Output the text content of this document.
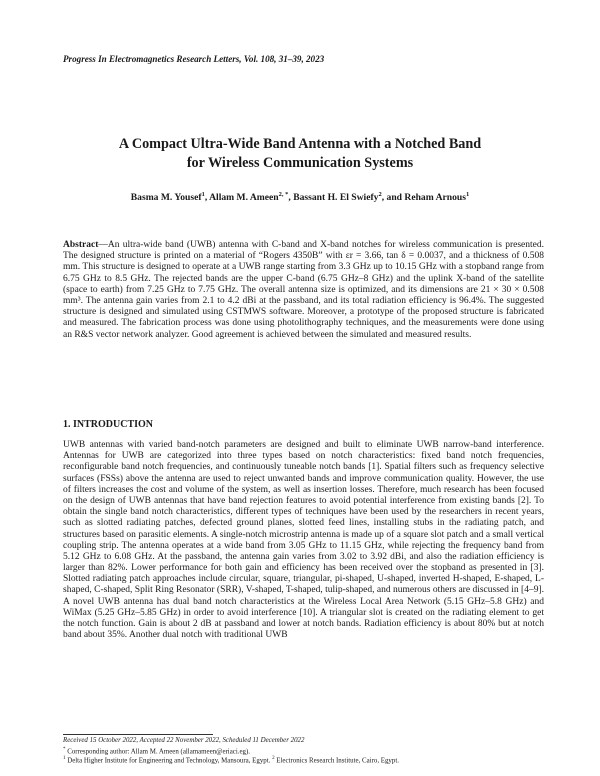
Progress In Electromagnetics Research Letters, Vol. 108, 31–39, 2023
A Compact Ultra-Wide Band Antenna with a Notched Band
for Wireless Communication Systems
Basma M. Yousef$^1$, Allam M. Ameen$^{2, *}$, Bassant H. El Swiefy$^2$, and Reham Arnous$^1$
Abstract—An ultra-wide band (UWB) antenna with C-band and X-band notches for wireless communication is presented. The designed structure is printed on a material of “Rogers 4350B” with εr = 3.66, tan δ = 0.0037, and a thickness of 0.508 mm. This structure is designed to operate at a UWB range starting from 3.3 GHz up to 10.15 GHz with a stopband range from 6.75 GHz to 8.5 GHz. The rejected bands are the upper C-band (6.75 GHz–8 GHz) and the uplink X-band of the satellite (space to earth) from 7.25 GHz to 7.75 GHz. The overall antenna size is optimized, and its dimensions are 21 × 30 × 0.508 mm³. The antenna gain varies from 2.1 to 4.2 dBi at the passband, and its total radiation efficiency is 96.4%. The suggested structure is designed and simulated using CSTMWS software. Moreover, a prototype of the proposed structure is fabricated and measured. The fabrication process was done using photolithography techniques, and the measurements were done using an R&S vector network analyzer. Good agreement is achieved between the simulated and measured results.
1. INTRODUCTION
UWB antennas with varied band-notch parameters are designed and built to eliminate UWB narrow-band interference. Antennas for UWB are categorized into three types based on notch characteristics: fixed band notch frequencies, reconfigurable band notch frequencies, and continuously tuneable notch bands [1]. Spatial filters such as frequency selective surfaces (FSSs) above the antenna are used to reject unwanted bands and improve communication quality. However, the use of filters increases the cost and volume of the system, as well as insertion losses. Therefore, much research has been focused on the design of UWB antennas that have band rejection features to avoid potential interference from existing bands [2]. To obtain the single band notch characteristics, different types of techniques have been used by the researchers in recent years, such as slotted radiating patches, defected ground planes, slotted feed lines, installing stubs in the radiating patch, and structures based on parasitic elements. A single-notch microstrip antenna is made up of a square slot patch and a small vertical coupling strip. The antenna operates at a wide band from 3.05 GHz to 11.15 GHz, while rejecting the frequency band from 5.12 GHz to 6.08 GHz. At the passband, the antenna gain varies from 3.02 to 3.92 dBi, and also the radiation efficiency is larger than 82%. Lower performance for both gain and efficiency has been received over the stopband as presented in [3]. Slotted radiating patch approaches include circular, square, triangular, pi-shaped, U-shaped, inverted H-shaped, E-shaped, L-shaped, C-shaped, Split Ring Resonator (SRR), V-shaped, T-shaped, tulip-shaped, and numerous others are discussed in [4–9]. A novel UWB antenna has dual band notch characteristics at the Wireless Local Area Network (5.15 GHz–5.8 GHz) and WiMax (5.25 GHz–5.85 GHz) in order to avoid interference [10]. A triangular slot is created on the radiating element to get the notch function. Gain is about 2 dB at passband and lower at notch bands. Radiation efficiency is about 80% but at notch band about 35%. Another dual notch with traditional UWB
Received 15 October 2022, Accepted 22 November 2022, Scheduled 11 December 2022
* Corresponding author: Allam M. Ameen (allamameen@eriaci.eg).
$^1$ Delta Higher Institute for Engineering and Technology, Mansoura, Egypt. $^2$ Electronics Research Institute, Cairo, Egypt.
